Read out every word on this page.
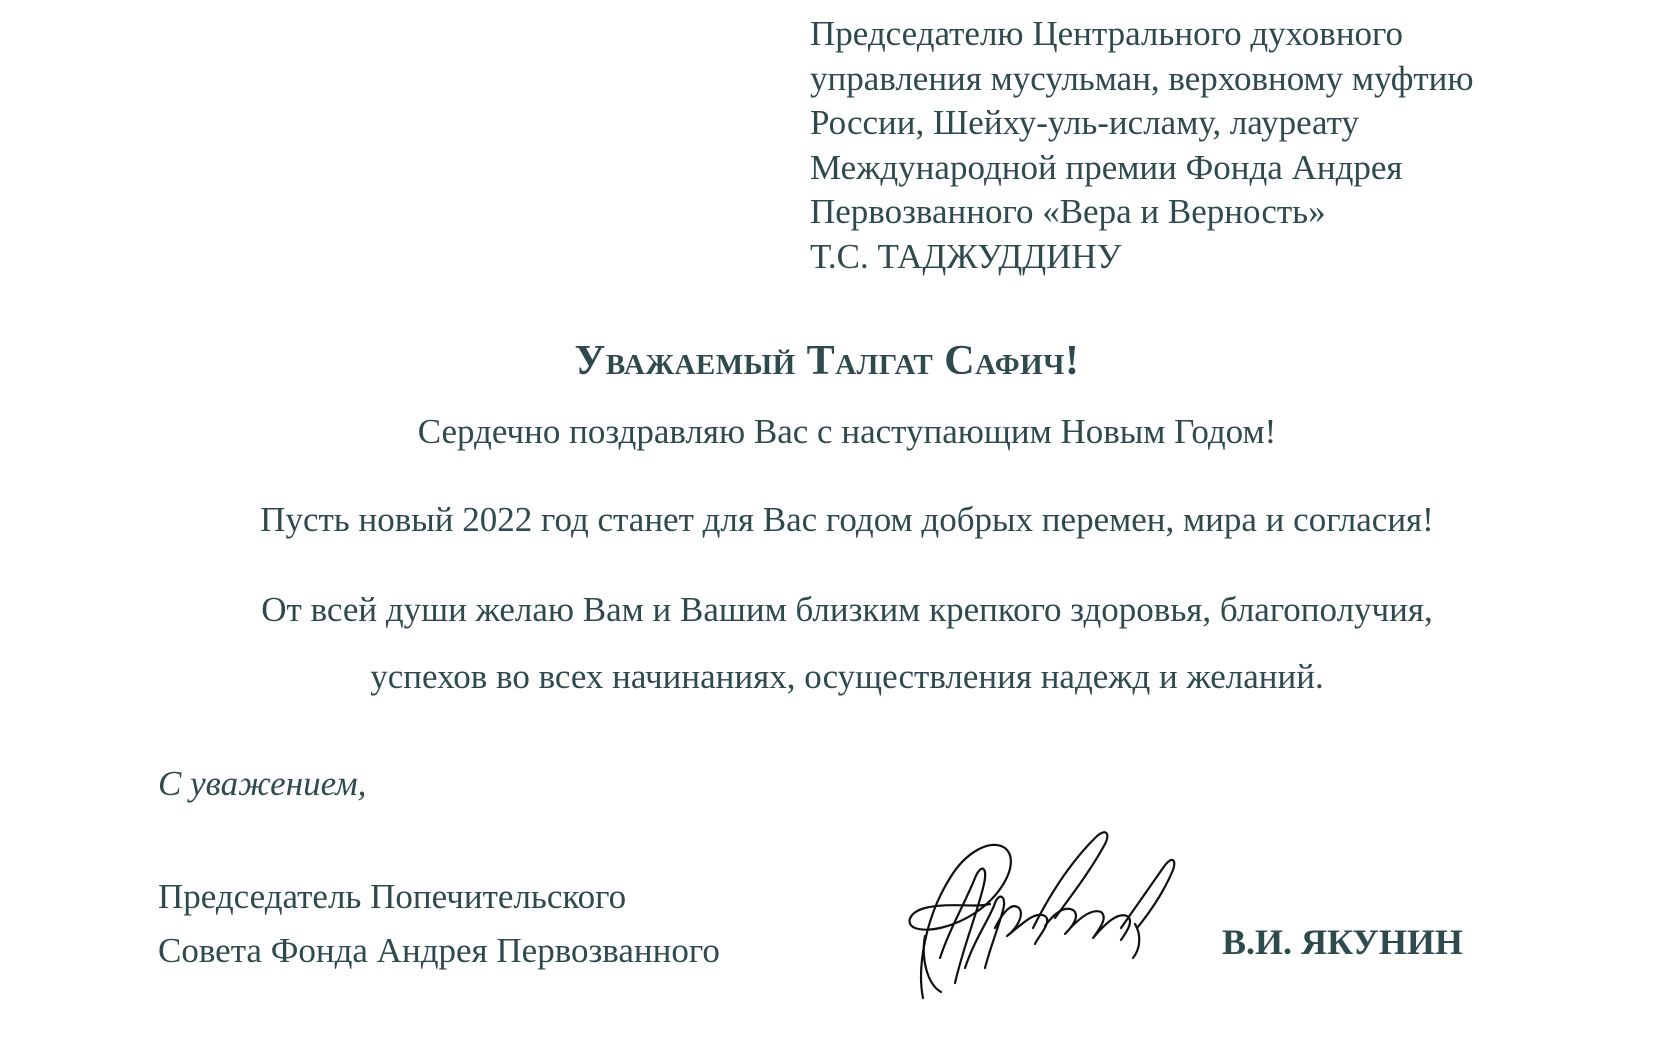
Председателю Центрального духовного
управления мусульман, верховному муфтию
России, Шейху-уль-исламу, лауреату
Международной премии Фонда Андрея
Первозванного «Вера и Верность»
Т.С. ТАДЖУДДИНУ
Уважаемый Талгат Сафич!
Сердечно поздравляю Вас с наступающим Новым Годом!
Пусть новый 2022 год станет для Вас годом добрых перемен, мира и согласия!
От всей души желаю Вам и Вашим близким крепкого здоровья, благополучия,
успехов во всех начинаниях, осуществления надежд и желаний.
С уважением,
Председатель Попечительского
Совета Фонда Андрея Первозванного	В.И. ЯКУНИН
